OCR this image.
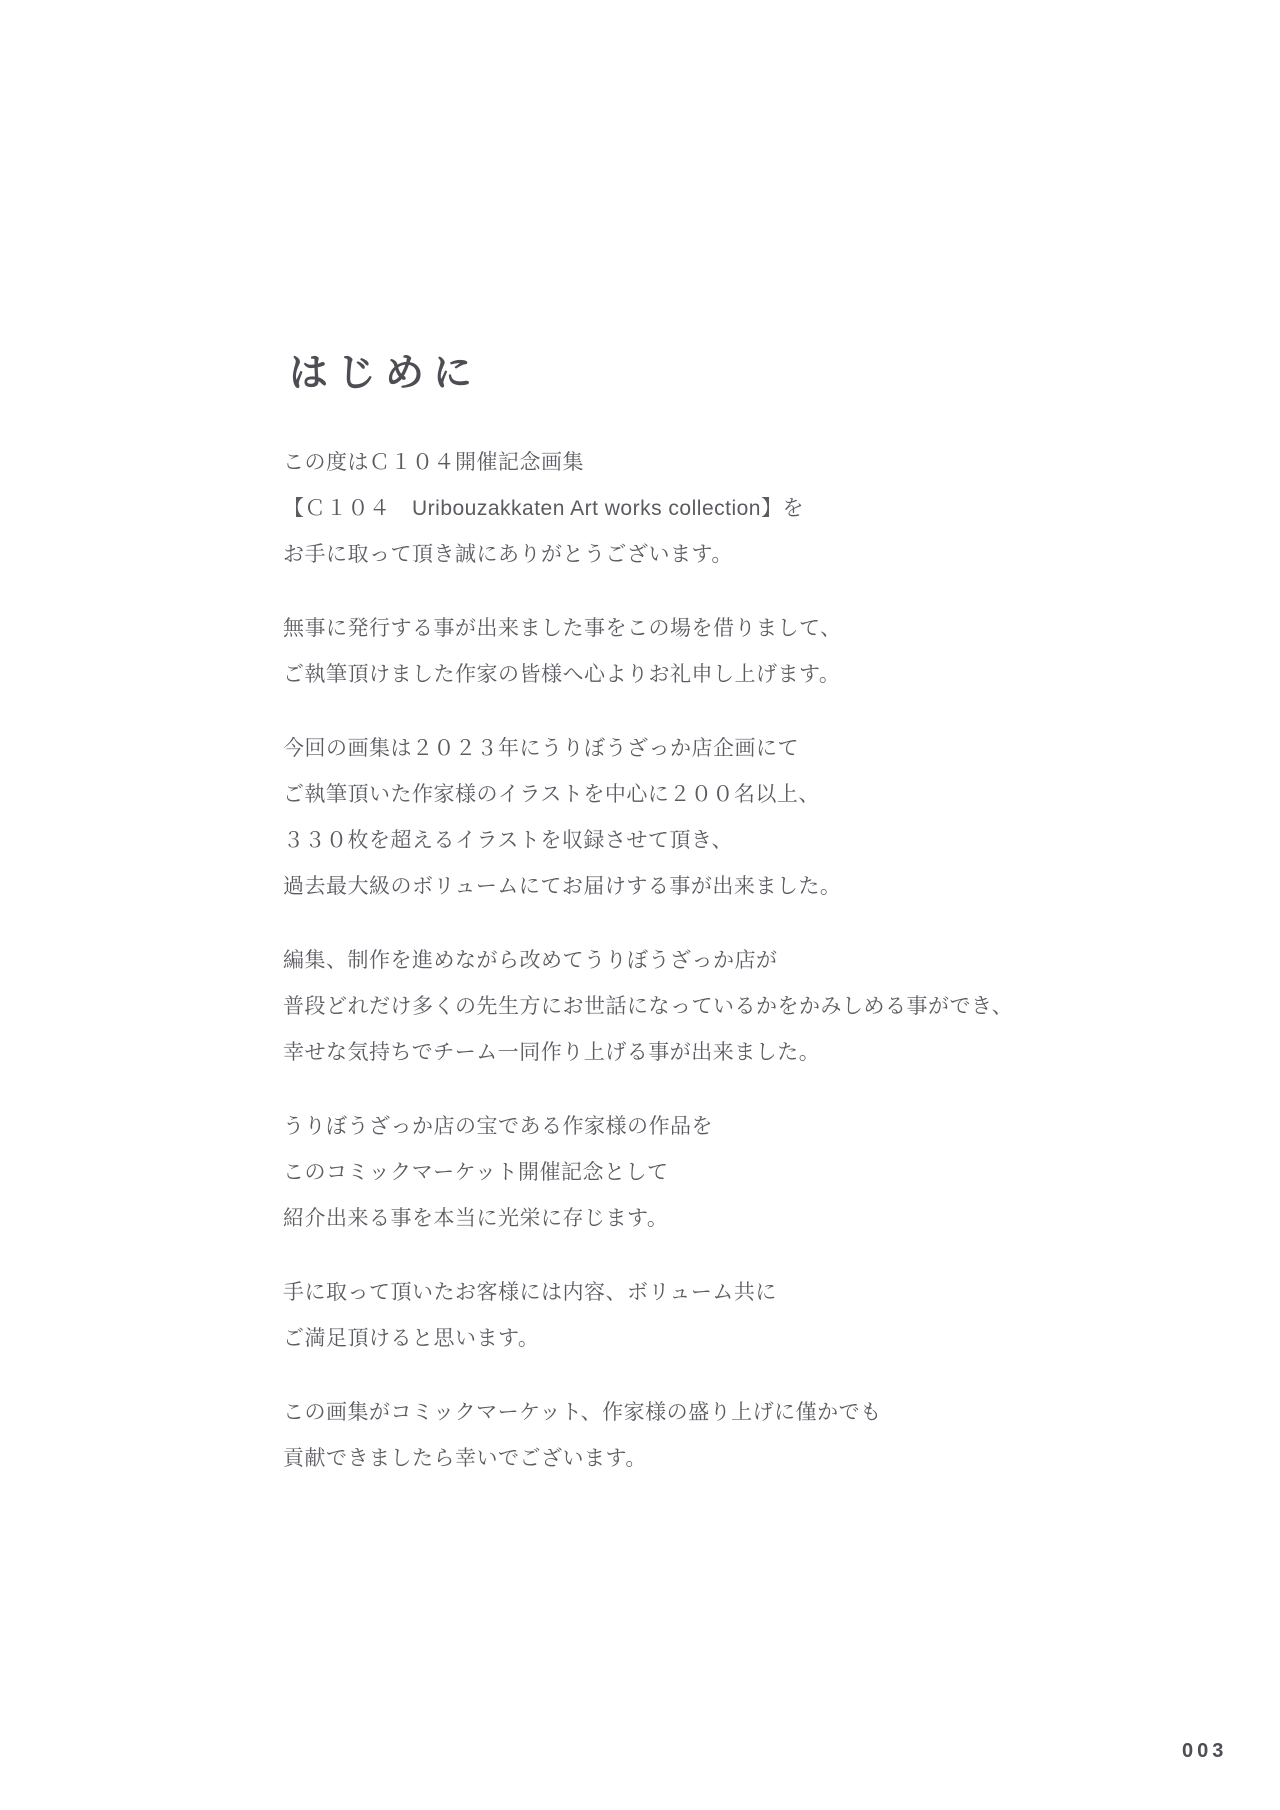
はじめに

この度はＣ１０４開催記念画集
【Ｃ１０４　Uribouzakkaten Art works collection】を
お手に取って頂き誠にありがとうございます。

無事に発行する事が出来ました事をこの場を借りまして、
ご執筆頂けました作家の皆様へ心よりお礼申し上げます。

今回の画集は２０２３年にうりぼうざっか店企画にて
ご執筆頂いた作家様のイラストを中心に２００名以上、
３３０枚を超えるイラストを収録させて頂き、
過去最大級のボリュームにてお届けする事が出来ました。

編集、制作を進めながら改めてうりぼうざっか店が
普段どれだけ多くの先生方にお世話になっているかをかみしめる事ができ、
幸せな気持ちでチーム一同作り上げる事が出来ました。

うりぼうざっか店の宝である作家様の作品を
このコミックマーケット開催記念として
紹介出来る事を本当に光栄に存じます。

手に取って頂いたお客様には内容、ボリューム共に
ご満足頂けると思います。

この画集がコミックマーケット、作家様の盛り上げに僅かでも
貢献できましたら幸いでございます。

003
